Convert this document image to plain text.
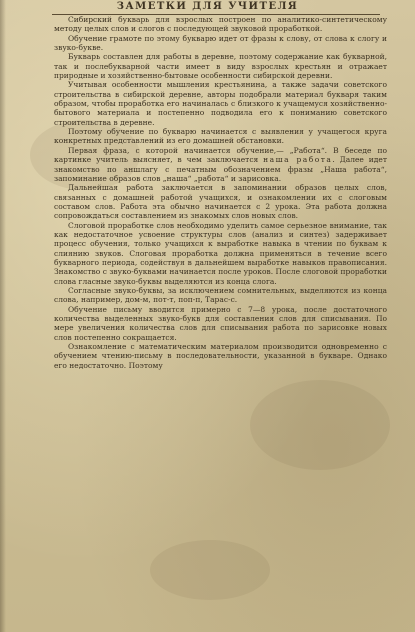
ЗАМЕТКИ ДЛЯ УЧИТЕЛЯ

Сибирский букварь для взрослых построен по аналитико-синтетическому методу целых слов и слогов с последующей звуковой проработкой.

Обучение грамоте по этому букварю идет от фразы к слову, от слова к слогу и звуко-букве.

Букварь составлен для работы в деревне, поэтому содержание как букварной, так и послебукварной части имеет в виду взрослых крестьян и отражает природные и хозяйственно-бытовые особенности сибирской деревни.

Учитывая особенности мышления крестьянина, а также задачи советского строительства в сибирской деревне, авторы подобрали материал букваря таким образом, чтобы проработка его начиналась с близкого к учащемуся хозяйственно-бытового материала и постепенно подводила его к пониманию советского строительства в деревне.

Поэтому обучение по букварю начинается с выявления у учащегося круга конкретных представлений из его домашней обстановки.

Первая фраза, с которой начинается обучение,— „Работа“. В беседе по картинке учитель выясняет, в чем заключается наша работа. Далее идет знакомство по аншлагу с печатным обозначением фразы „Наша работа“, запоминание образов слов „наша“ „работа“ и зарисовка.

Дальнейшая работа заключается в запоминании образов целых слов, связанных с домашней работой учащихся, и ознакомлении их с слоговым составом слов. Работа эта обычно начинается с 2 урока. Эта работа должна сопровождаться составлением из знакомых слов новых слов.

Слоговой проработке слов необходимо уделить самое серьезное внимание, так как недостаточное усвоение структуры слов (анализ и синтез) задерживает процесс обучения, только учащихся к выработке навыка в чтении по буквам к слиянию звуков. Слоговая проработка должна применяться в течение всего букварного периода, содействуя в дальнейшем выработке навыков правописания. Знакомство с звуко-буквами начинается после уроков. После слоговой проработки слова гласные звуко-буквы выделяются из конца слога.

Согласные звуко-буквы, за исключением сомнительных, выделяются из конца слова, например, дом-м, пот-т, поп-п, Тарас-с.

Обучение письму вводится примерно с 7—8 урока, после достаточного количества выделенных звуко-букв для составления слов для списывания. По мере увеличения количества слов для списывания работа по зарисовке новых слов постепенно сокращается.

Ознакомление с математическим материалом производится одновременно с обучением чтению-письму в последовательности, указанной в букваре. Однако его недостаточно. Поэтому
